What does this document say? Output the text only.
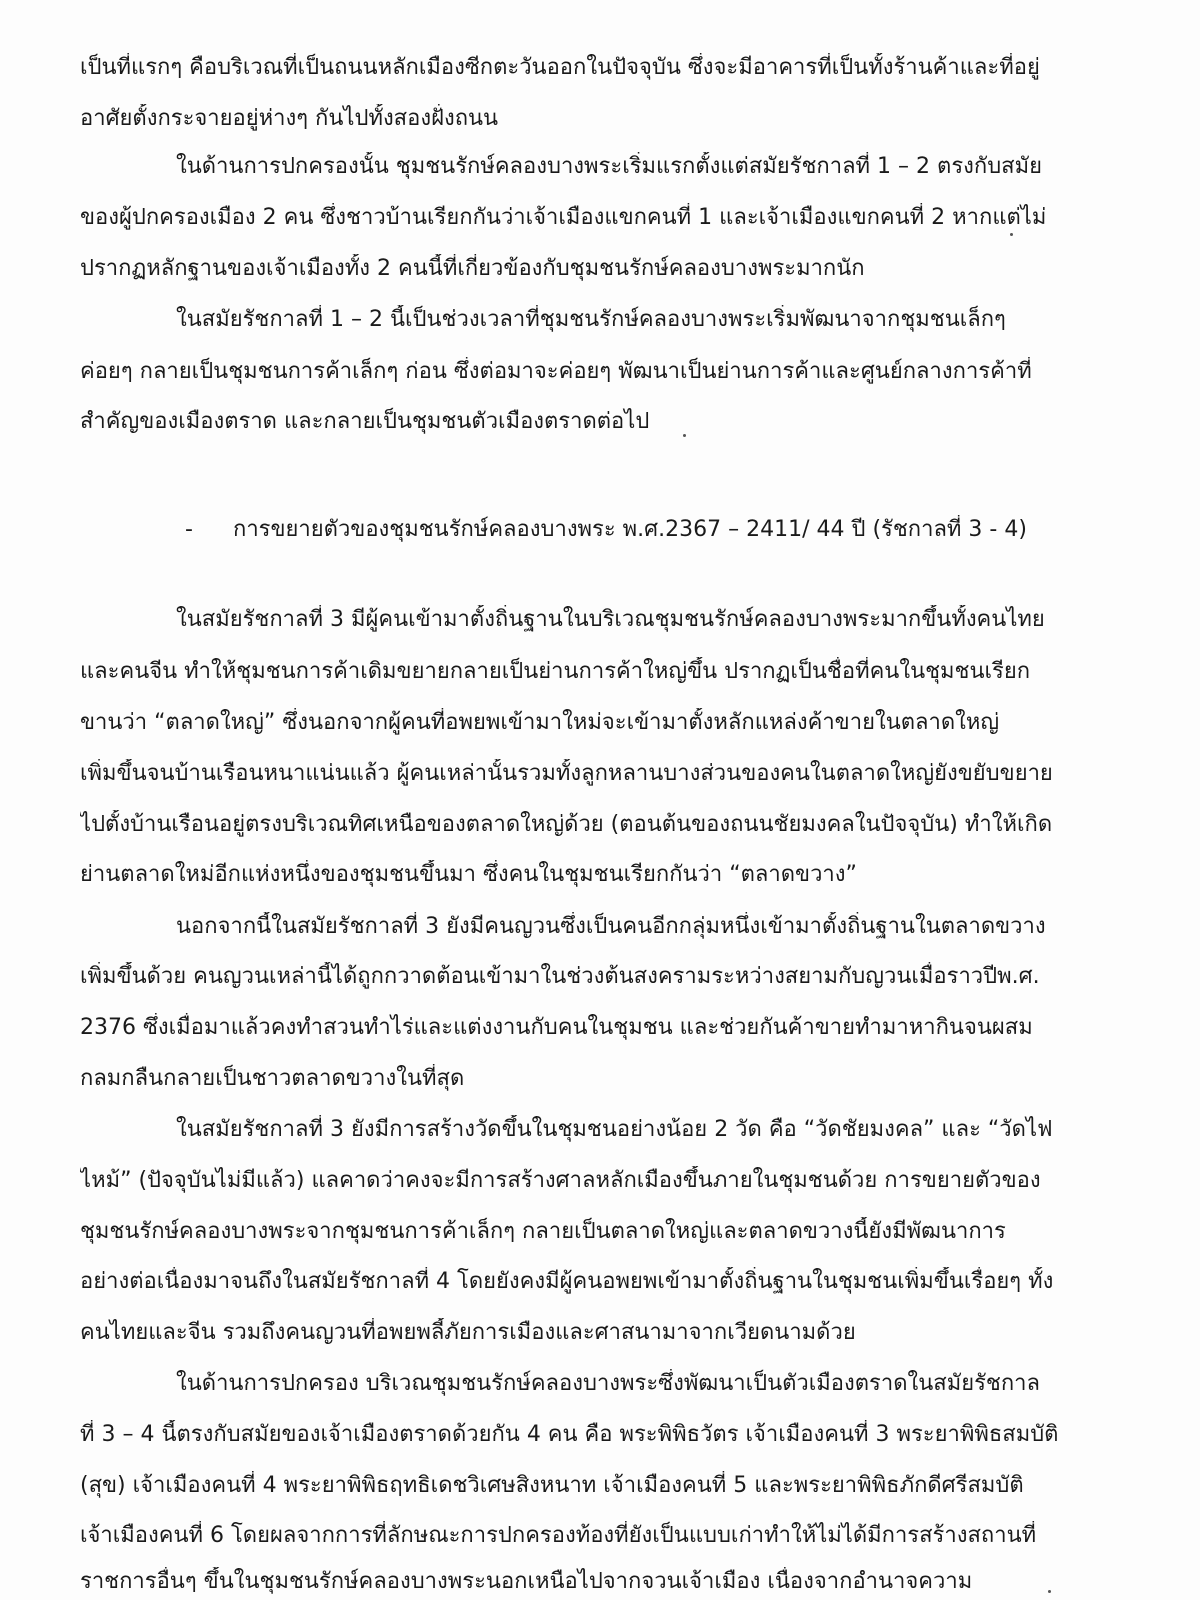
เป็นที่แรกๆ คือบริเวณที่เป็นถนนหลักเมืองซีกตะวันออกในปัจจุบัน ซึ่งจะมีอาคารที่เป็นทั้งร้านค้าและที่อยู่
อาศัยตั้งกระจายอยู่ห่างๆ กันไปทั้งสองฝั่งถนน
ในด้านการปกครองนั้น ชุมชนรักษ์คลองบางพระเริ่มแรกตั้งแต่สมัยรัชกาลที่ 1 – 2 ตรงกับสมัย
ของผู้ปกครองเมือง 2 คน ซึ่งชาวบ้านเรียกกันว่าเจ้าเมืองแขกคนที่ 1 และเจ้าเมืองแขกคนที่ 2 หากแต่ไม่
ปรากฏหลักฐานของเจ้าเมืองทั้ง 2 คนนี้ที่เกี่ยวข้องกับชุมชนรักษ์คลองบางพระมากนัก
ในสมัยรัชกาลที่ 1 – 2 นี้เป็นช่วงเวลาที่ชุมชนรักษ์คลองบางพระเริ่มพัฒนาจากชุมชนเล็กๆ
ค่อยๆ กลายเป็นชุมชนการค้าเล็กๆ ก่อน ซึ่งต่อมาจะค่อยๆ พัฒนาเป็นย่านการค้าและศูนย์กลางการค้าที่
สำคัญของเมืองตราด และกลายเป็นชุมชนตัวเมืองตราดต่อไป
- การขยายตัวของชุมชนรักษ์คลองบางพระ พ.ศ.2367 – 2411/ 44 ปี (รัชกาลที่ 3 - 4)
ในสมัยรัชกาลที่ 3 มีผู้คนเข้ามาตั้งถิ่นฐานในบริเวณชุมชนรักษ์คลองบางพระมากขึ้นทั้งคนไทย
และคนจีน ทำให้ชุมชนการค้าเดิมขยายกลายเป็นย่านการค้าใหญ่ขึ้น ปรากฏเป็นชื่อที่คนในชุมชนเรียก
ขานว่า “ตลาดใหญ่” ซึ่งนอกจากผู้คนที่อพยพเข้ามาใหม่จะเข้ามาตั้งหลักแหล่งค้าขายในตลาดใหญ่
เพิ่มขึ้นจนบ้านเรือนหนาแน่นแล้ว ผู้คนเหล่านั้นรวมทั้งลูกหลานบางส่วนของคนในตลาดใหญ่ยังขยับขยาย
ไปตั้งบ้านเรือนอยู่ตรงบริเวณทิศเหนือของตลาดใหญ่ด้วย (ตอนต้นของถนนชัยมงคลในปัจจุบัน) ทำให้เกิด
ย่านตลาดใหม่อีกแห่งหนึ่งของชุมชนขึ้นมา ซึ่งคนในชุมชนเรียกกันว่า “ตลาดขวาง”
นอกจากนี้ในสมัยรัชกาลที่ 3 ยังมีคนญวนซึ่งเป็นคนอีกกลุ่มหนึ่งเข้ามาตั้งถิ่นฐานในตลาดขวาง
เพิ่มขึ้นด้วย คนญวนเหล่านี้ได้ถูกกวาดต้อนเข้ามาในช่วงต้นสงครามระหว่างสยามกับญวนเมื่อราวปีพ.ศ.
2376 ซึ่งเมื่อมาแล้วคงทำสวนทำไร่และแต่งงานกับคนในชุมชน และช่วยกันค้าขายทำมาหากินจนผสม
กลมกลืนกลายเป็นชาวตลาดขวางในที่สุด
ในสมัยรัชกาลที่ 3 ยังมีการสร้างวัดขึ้นในชุมชนอย่างน้อย 2 วัด คือ “วัดชัยมงคล” และ “วัดไฟ
ไหม้” (ปัจจุบันไม่มีแล้ว) แลคาดว่าคงจะมีการสร้างศาลหลักเมืองขึ้นภายในชุมชนด้วย การขยายตัวของ
ชุมชนรักษ์คลองบางพระจากชุมชนการค้าเล็กๆ กลายเป็นตลาดใหญ่และตลาดขวางนี้ยังมีพัฒนาการ
อย่างต่อเนื่องมาจนถึงในสมัยรัชกาลที่ 4 โดยยังคงมีผู้คนอพยพเข้ามาตั้งถิ่นฐานในชุมชนเพิ่มขึ้นเรื่อยๆ ทั้ง
คนไทยและจีน รวมถึงคนญวนที่อพยพลี้ภัยการเมืองและศาสนามาจากเวียดนามด้วย
ในด้านการปกครอง บริเวณชุมชนรักษ์คลองบางพระซึ่งพัฒนาเป็นตัวเมืองตราดในสมัยรัชกาล
ที่ 3 – 4 นี้ตรงกับสมัยของเจ้าเมืองตราดด้วยกัน 4 คน คือ พระพิพิธวัตร เจ้าเมืองคนที่ 3 พระยาพิพิธสมบัติ
(สุข) เจ้าเมืองคนที่ 4 พระยาพิพิธฤทธิเดชวิเศษสิงหนาท เจ้าเมืองคนที่ 5 และพระยาพิพิธภักดีศรีสมบัติ
เจ้าเมืองคนที่ 6 โดยผลจากการที่ลักษณะการปกครองท้องที่ยังเป็นแบบเก่าทำให้ไม่ได้มีการสร้างสถานที่
ราชการอื่นๆ ขึ้นในชุมชนรักษ์คลองบางพระนอกเหนือไปจากจวนเจ้าเมือง เนื่องจากอำนาจความ
